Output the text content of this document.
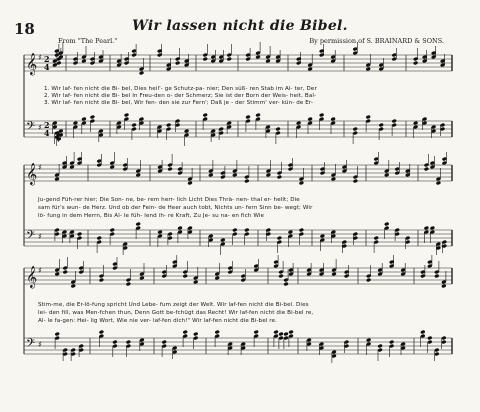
18	Wir lassen nicht die Bibel.
From "The Pearl."	By permission of S. BRAINARD & SONS.
𝄞 ♯ 2
4
𝄢 ♯ 2
4
𝄞 ♯
𝄢 ♯
𝄞 ♯
𝄢 ♯
1. Wir laf- fen nicht die Bi- bel, Dies heil'- ge Schutz-pa- nier; Den süß- ren Stab im Al- ter, Der
2. Wir laf- fen nicht die Bi- bel In Freu-den o- der Schmerz; Sie ist der Born der Weis- heit, Bal-
3. Wir laf- fen nicht die Bi- bel, Wir fen- den sie zur Fern'; Daß je - der Stimm' ver- kün- de Er-
Ju-gend Füh-rer hier; Die Son- ne, be- rem herr- lich Licht Dies Thrä- nen- thal er- hellt; Die
sam für's wun- de Herz. Und ob der Fein- de Heer auch tobt, Nichts un- fern Sinn be- wegt; Wir
lö- fung in dem Herrn, Bis Al- le füh- lend ih- re Kraft, Zu Je- su na- en fich Wie
Stim-me, die Er-lö-fung spricht Und Lebe- fum zeigt der Welt. Wir laf-fen nicht die Bi-bel. Dies
lei- den fill, was Men-fchen thun, Denn Gott be-fchügt das Recht! Wir laf-fen nicht die Bi-bel re,
Al- le fa-gen: Hei- lig Wort, Wie nie ver- laf-fen dich!" Wir laf-fen nicht die Bi-bel re.
